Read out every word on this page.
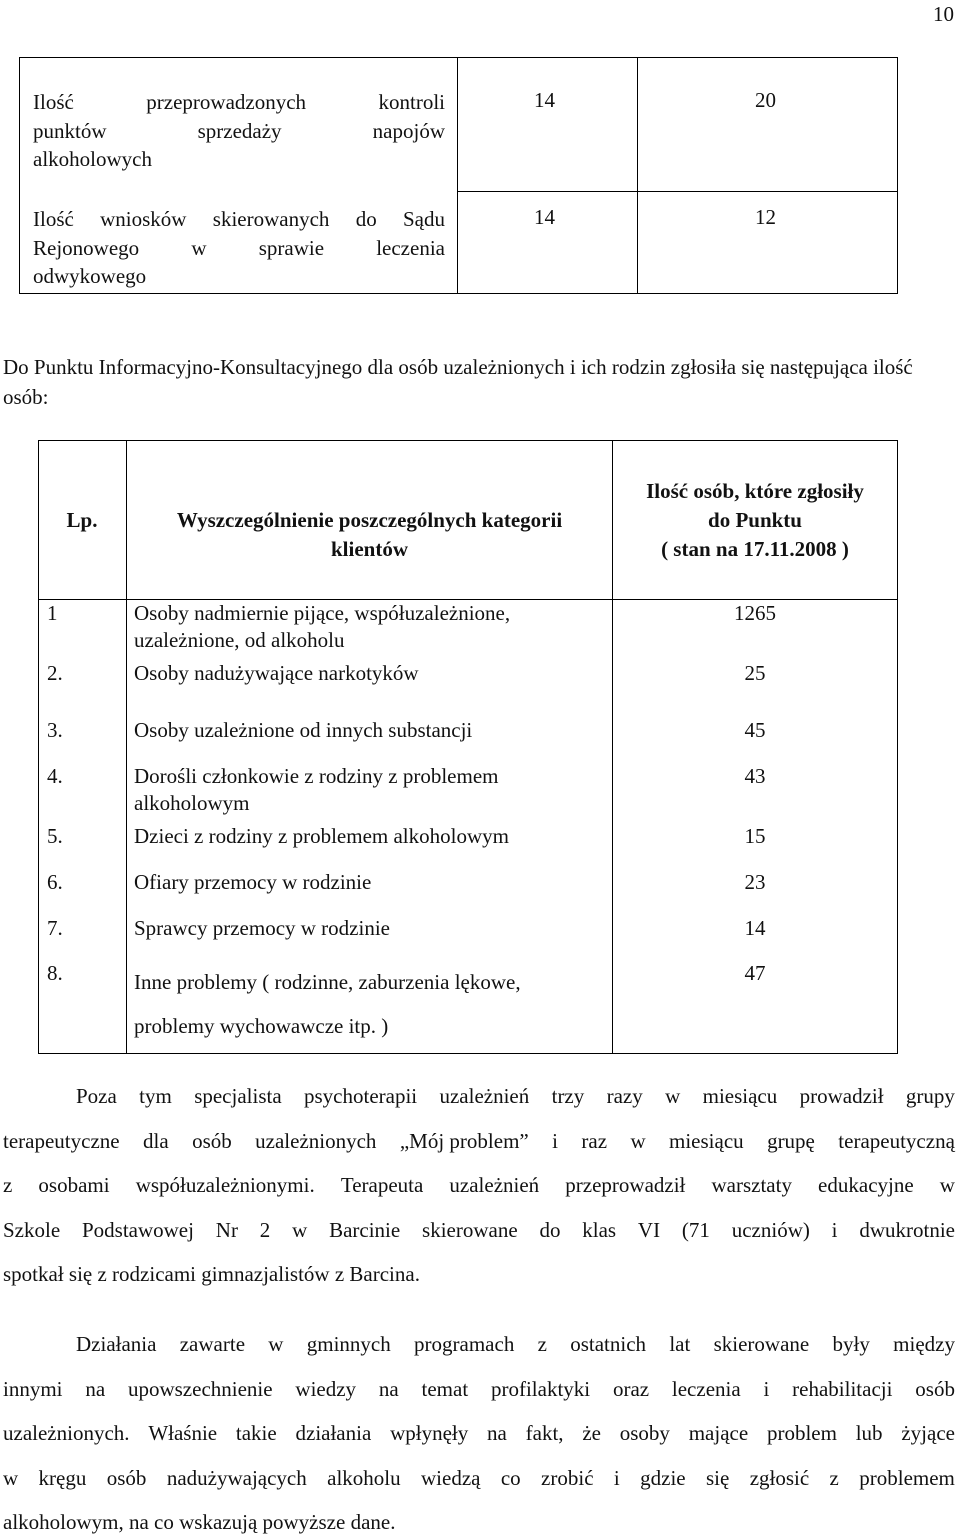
10
Ilość	przeprowadzonych	kontroli
punktów	sprzedaży	napojów
alkoholowych
14	20
Ilość wniosków skierowanych do Sądu
Rejonowego w sprawie leczenia
odwykowego
14	12
Do Punktu Informacyjno-Konsultacyjnego dla osób uzależnionych i ich rodzin zgłosiła się następująca ilość osób:
Lp.	Wyszczególnienie poszczególnych kategorii
klientów
Ilość osób, które zgłosiły
do Punktu
( stan na 17.11.2008 )
1	Osoby nadmiernie pijące, współuzależnione,
uzależnione, od alkoholu
1265
2.	Osoby nadużywające narkotyków	25
3.	Osoby uzależnione od innych substancji	45
4.	Dorośli członkowie z rodziny z problemem
alkoholowym
43
5.	Dzieci z rodziny z problemem alkoholowym	15
6.	Ofiary przemocy w rodzinie	23
7.	Sprawcy przemocy w rodzinie	14
8.	Inne problemy ( rodzinne, zaburzenia lękowe,
problemy wychowawcze itp. )
47
Poza tym specjalista psychoterapii uzależnień trzy razy w miesiącu prowadził grupy
terapeutyczne dla osób uzależnionych „Mój problem” i raz w miesiącu grupę terapeutyczną
z osobami współuzależnionymi. Terapeuta uzależnień przeprowadził warsztaty edukacyjne w
Szkole Podstawowej Nr 2 w Barcinie skierowane do klas VI (71 uczniów) i dwukrotnie
spotkał się z rodzicami gimnazjalistów z Barcina.
Działania zawarte w gminnych programach z ostatnich lat skierowane były między
innymi na upowszechnienie wiedzy na temat profilaktyki oraz leczenia i rehabilitacji osób
uzależnionych. Właśnie takie działania wpłynęły na fakt, że osoby mające problem lub żyjące
w kręgu osób nadużywających alkoholu wiedzą co zrobić i gdzie się zgłosić z problemem
alkoholowym, na co wskazują powyższe dane.
